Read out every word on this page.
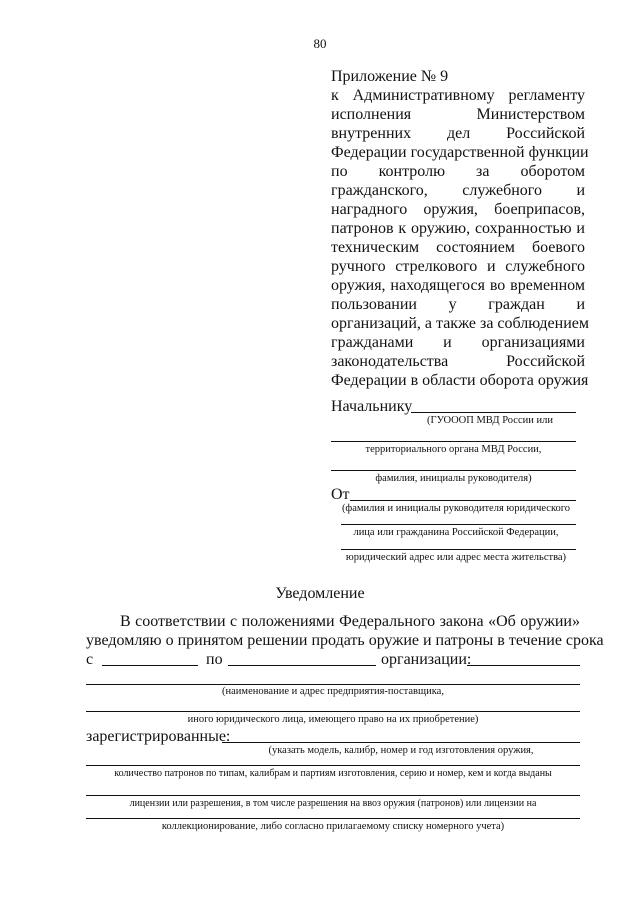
80
Приложение № 9
к Административному регламенту
исполнения Министерством
внутренних дел Российской
Федерации государственной функции
по контролю за оборотом
гражданского, служебного и
наградного оружия, боеприпасов,
патронов к оружию, сохранностью и
техническим состоянием боевого
ручного стрелкового и служебного
оружия, находящегося во временном
пользовании у граждан и
организаций, а также за соблюдением
гражданами и организациями
законодательства Российской
Федерации в области оборота оружия
Начальнику
(ГУОООП МВД России или
территориального органа МВД России,
фамилия, инициалы руководителя)
От
(фамилия и инициалы руководителя юридического
лица или гражданина Российской Федерации,
юридический адрес или адрес места жительства)
Уведомление
В соответствии с положениями Федерального закона «Об оружии»
уведомляю о принятом решении продать оружие и патроны в течение срока
с	по	организации:
(наименование и адрес предприятия-поставщика,
иного юридического лица, имеющего право на их приобретение)
зарегистрированные:
(указать модель, калибр, номер и год изготовления оружия,
количество патронов по типам, калибрам и партиям изготовления, серию и номер, кем и когда выданы
лицензии или разрешения, в том числе разрешения на ввоз оружия (патронов) или лицензии на
коллекционирование, либо согласно прилагаемому списку номерного учета)
